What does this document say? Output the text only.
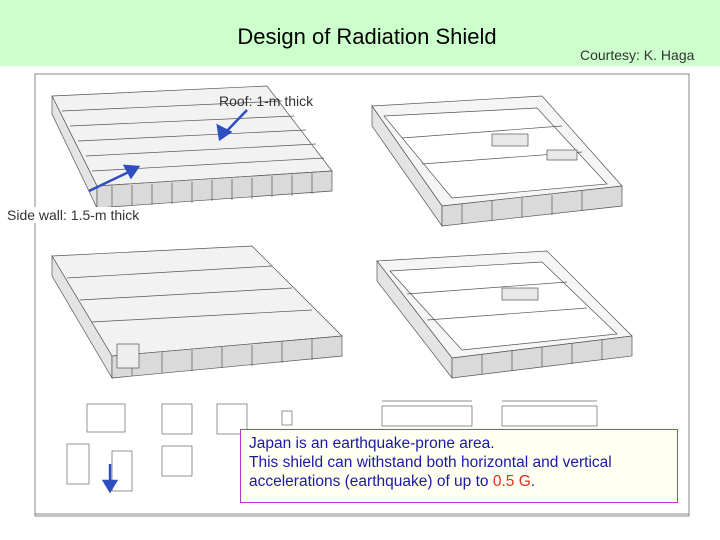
Design of Radiation Shield
Courtesy: K. Haga
Roof: 1-m thick
Side wall: 1.5-m thick
Japan is an earthquake-prone area.
This shield can withstand both horizontal and vertical
accelerations (earthquake) of up to 0.5 G.
